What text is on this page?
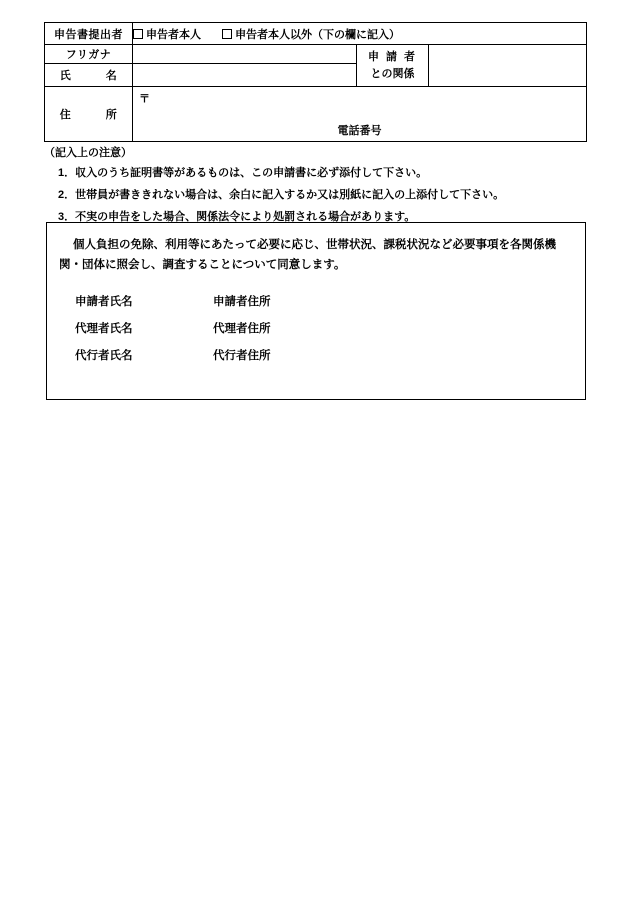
申告書提出者	申告者本人 申告者本人以外（下の欄に記入）		
フリガナ		申 請 者
との関係	

氏　　　名			
住　　　所	〒
電話番号		
（記入上の注意）
1．収入のうち証明書等があるものは、この申請書に必ず添付して下さい。
2．世帯員が書ききれない場合は、余白に記入するか又は別紙に記入の上添付して下さい。
3．不実の申告をした場合、関係法令により処罰される場合があります。
個人負担の免除、利用等にあたって必要に応じ、世帯状況、課税状況など必要事項を各関係機関・団体に照会し、調査することについて同意します。
申請者氏名	申請者住所
代理者氏名	代理者住所
代行者氏名	代行者住所
